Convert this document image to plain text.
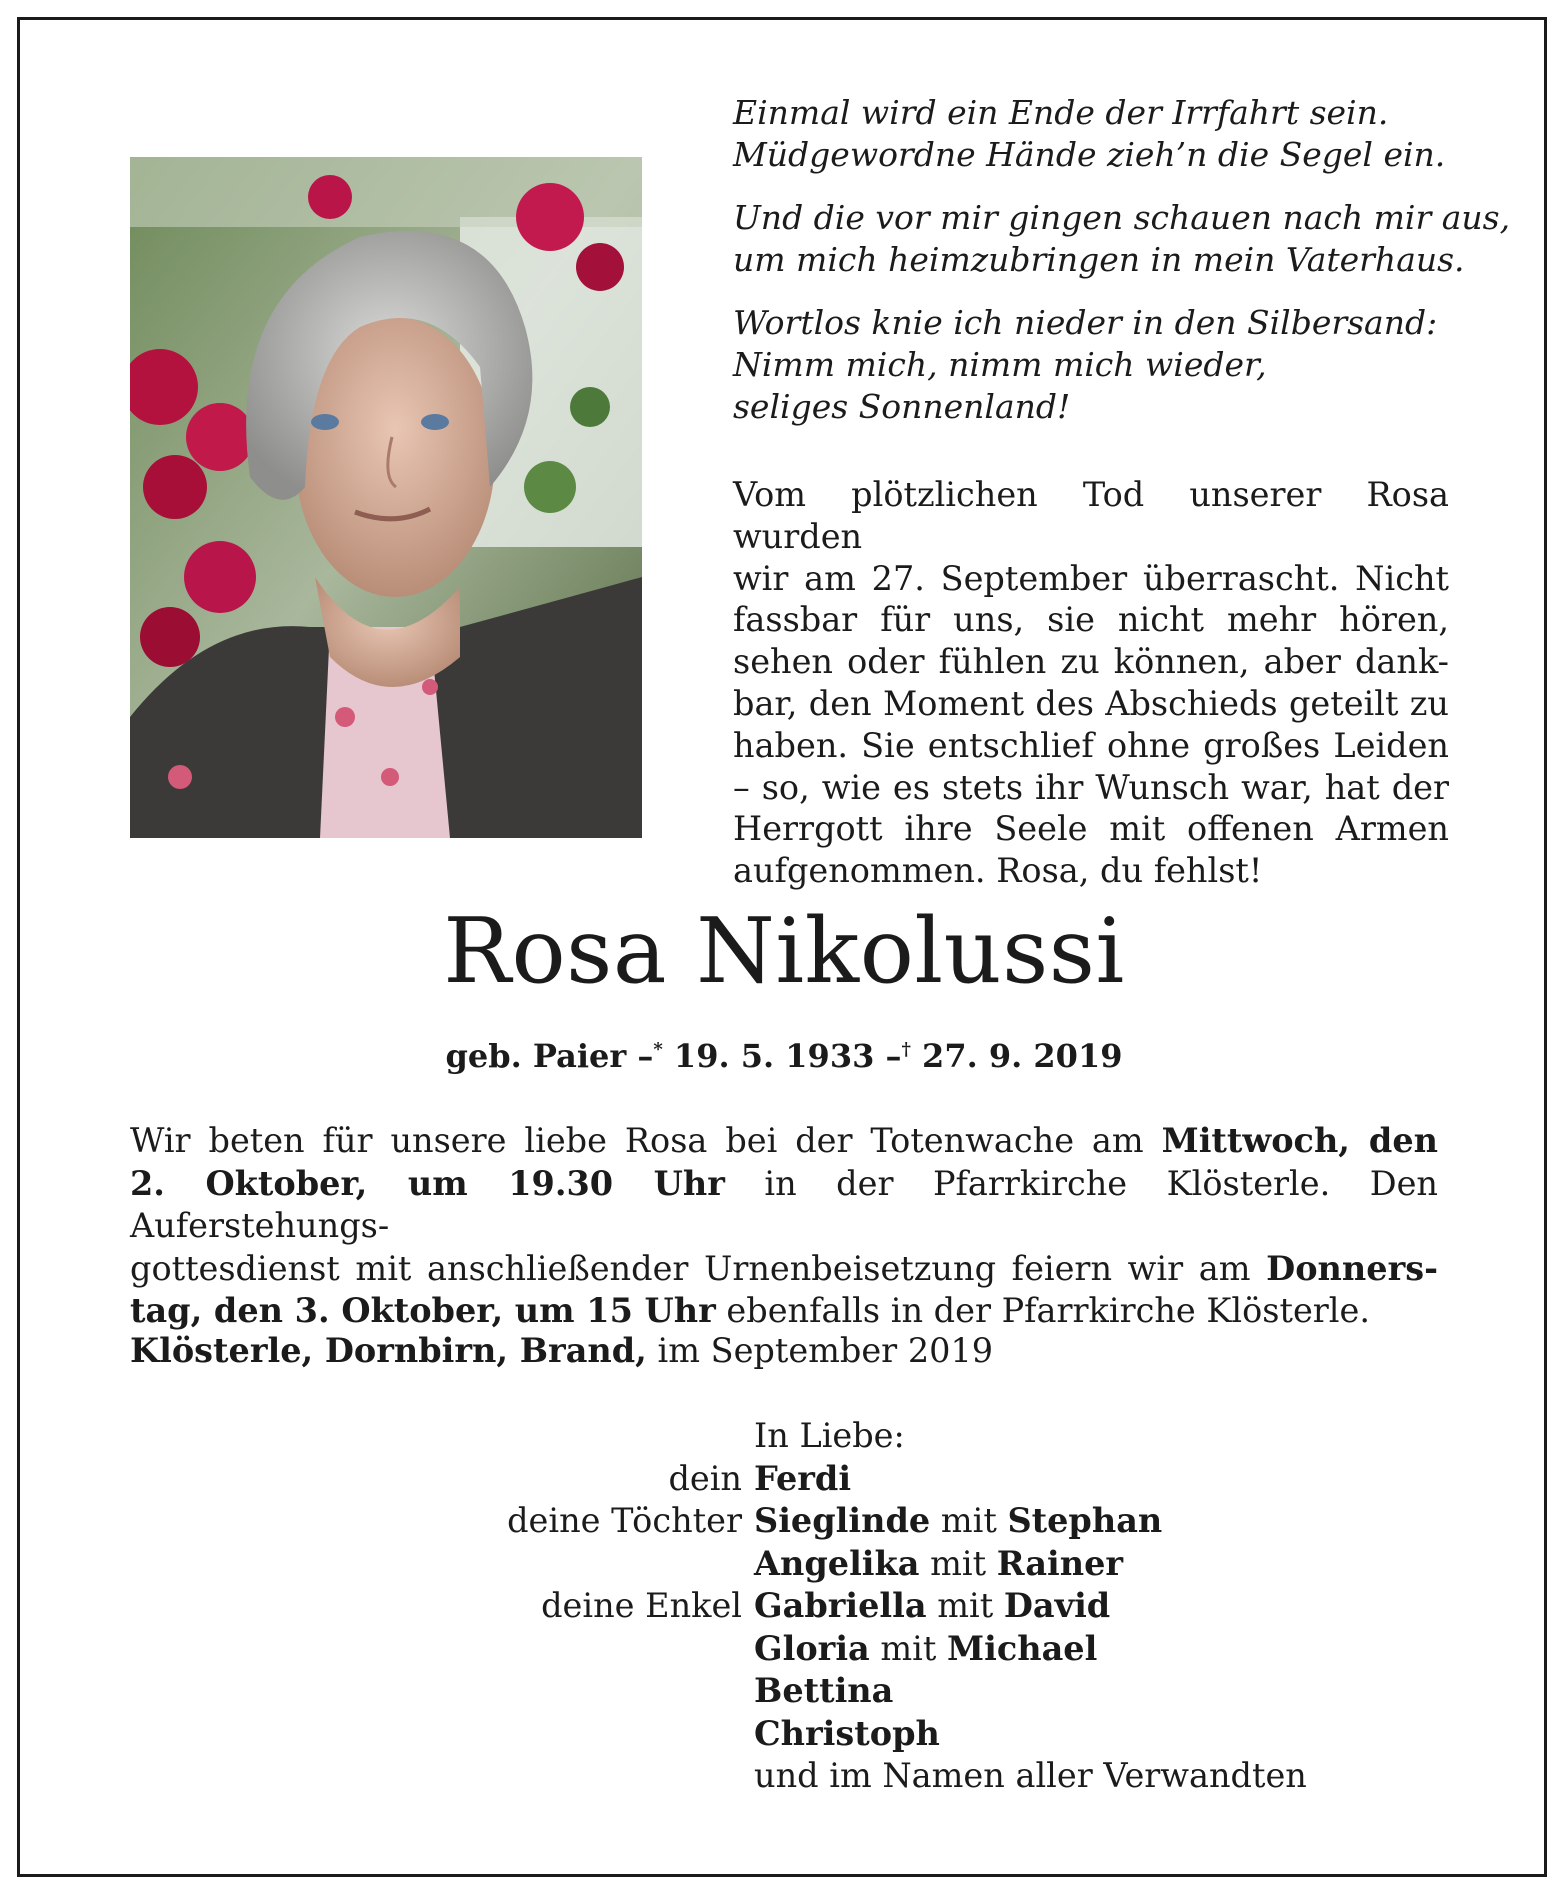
Einmal wird ein Ende der Irrfahrt sein.
Müdgewordne Hände zieh’n die Segel ein.
Und die vor mir gingen schauen nach mir aus,
um mich heimzubringen in mein Vaterhaus.
Wortlos knie ich nieder in den Silbersand:
Nimm mich, nimm mich wieder,
seliges Sonnenland!
Vom plötzlichen Tod unserer Rosa wurden
wir am 27. September überrascht. Nicht
fassbar für uns, sie nicht mehr hören,
sehen oder fühlen zu können, aber dank-
bar, den Moment des Abschieds geteilt zu
haben. Sie entschlief ohne großes Leiden
– so, wie es stets ihr Wunsch war, hat der
Herrgott ihre Seele mit offenen Armen
aufgenommen. Rosa, du fehlst!
Rosa Nikolussi
geb. Paier –* 19. 5. 1933 –† 27. 9. 2019
Wir beten für unsere liebe Rosa bei der Totenwache am Mittwoch, den
2. Oktober, um 19.30 Uhr in der Pfarrkirche Klösterle. Den Auferstehungs-
gottesdienst mit anschließender Urnenbeisetzung feiern wir am Donners-
tag, den 3. Oktober, um 15 Uhr ebenfalls in der Pfarrkirche Klösterle.
Klösterle, Dornbirn, Brand, im September 2019
In Liebe:
dein Ferdi
deine Töchter Sieglinde mit Stephan
Angelika mit Rainer
deine Enkel Gabriella mit David
Gloria mit Michael
Bettina
Christoph
und im Namen aller Verwandten
